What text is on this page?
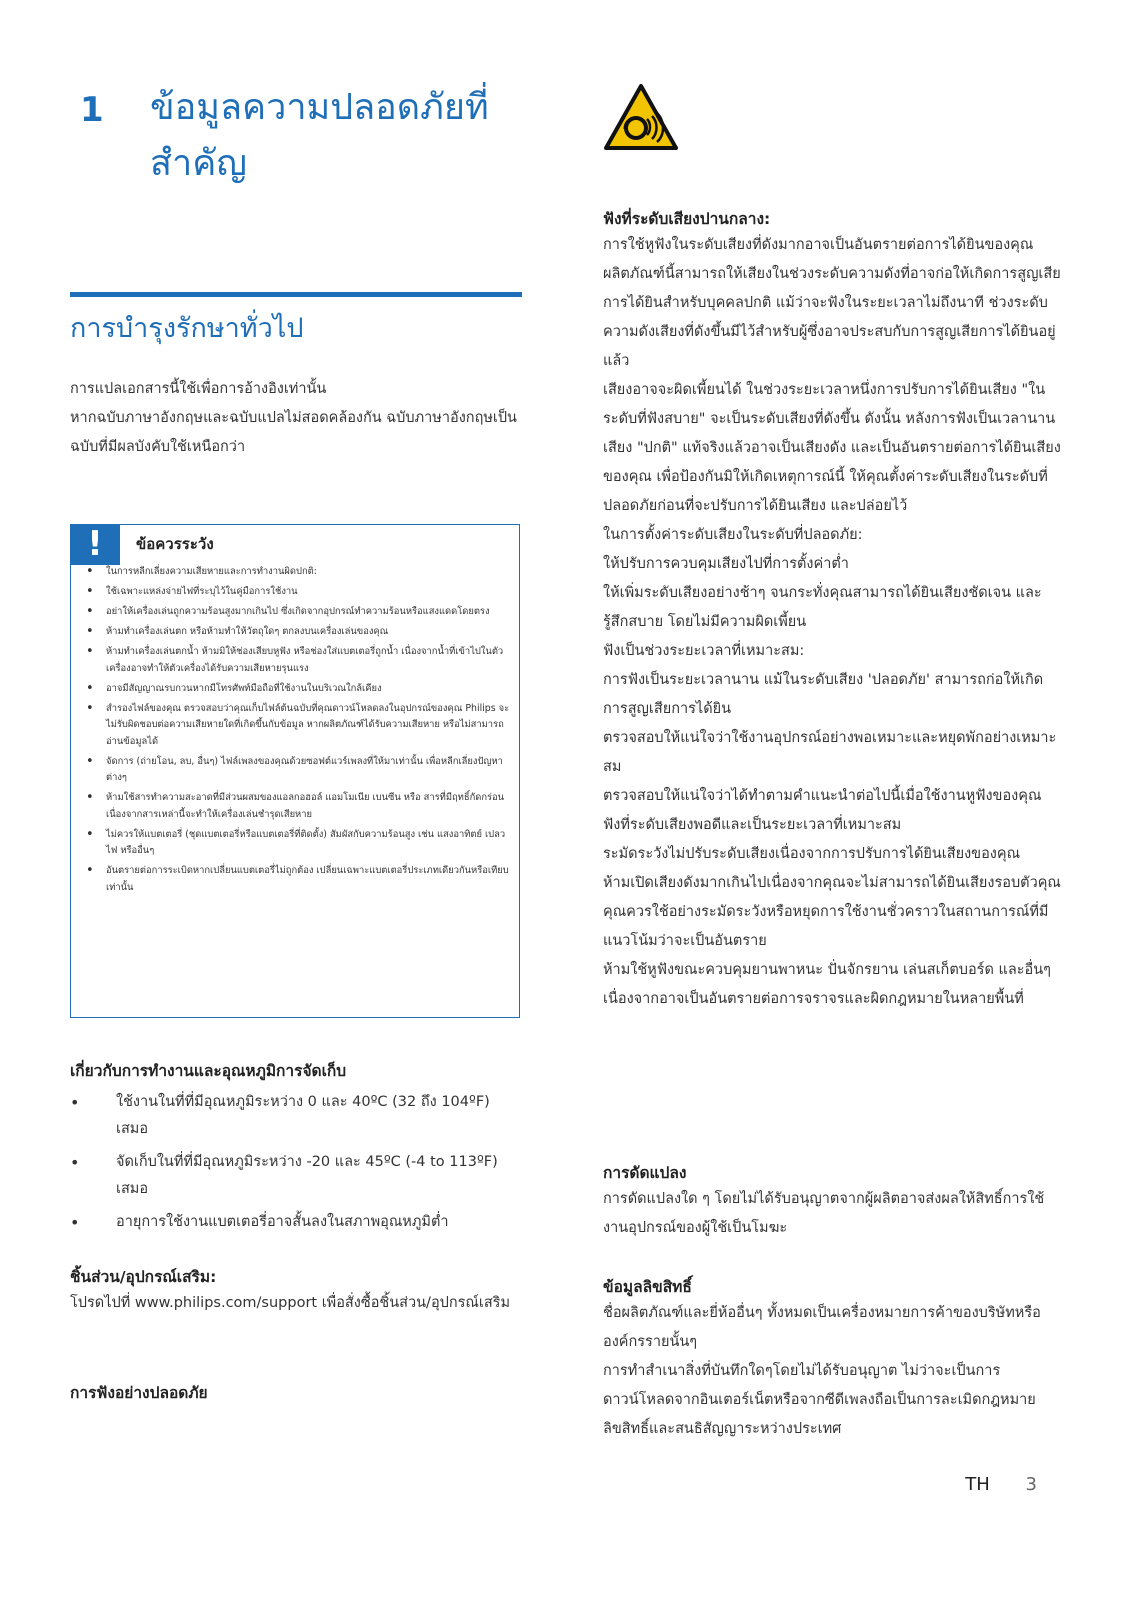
1 ข้อมูลความปลอดภัยที่สำคัญ
การบำรุงรักษาทั่วไป

การแปลเอกสารนี้ใช้เพื่อการอ้างอิงเท่านั้น

หากฉบับภาษาอังกฤษและฉบับแปลไม่สอดคล้องกัน ฉบับภาษาอังกฤษเป็นฉบับที่มีผลบังคับใช้เหนือกว่า

!	ข้อควรระวัง
• ในการหลีกเลี่ยงความเสียหายและการทำงานผิดปกติ:
• ใช้เฉพาะแหล่งจ่ายไฟที่ระบุไว้ในคู่มือการใช้งาน
• อย่าให้เครื่องเล่นถูกความร้อนสูงมากเกินไป ซึ่งเกิดจากอุปกรณ์ทำความร้อนหรือแสงแดดโดยตรง
• ห้ามทำเครื่องเล่นตก หรือห้ามทำให้วัตถุใดๆ ตกลงบนเครื่องเล่นของคุณ
• ห้ามทำเครื่องเล่นตกน้ำ ห้ามมิให้ช่องเสียบหูฟัง หรือช่องใส่แบตเตอรี่ถูกน้ำ เนื่องจากน้ำที่เข้าไปในตัวเครื่องอาจทำให้ตัวเครื่องได้รับความเสียหายรุนแรง
• อาจมีสัญญาณรบกวนหากมีโทรศัพท์มือถือที่ใช้งานในบริเวณใกล้เคียง
• สำรองไฟล์ของคุณ ตรวจสอบว่าคุณเก็บไฟล์ต้นฉบับที่คุณดาวน์โหลดลงในอุปกรณ์ของคุณ Philips จะไม่รับผิดชอบต่อความเสียหายใดที่เกิดขึ้นกับข้อมูล หากผลิตภัณฑ์ได้รับความเสียหาย หรือไม่สามารถอ่านข้อมูลได้
• จัดการ (ถ่ายโอน, ลบ, อื่นๆ) ไฟล์เพลงของคุณด้วยซอฟต์แวร์เพลงที่ให้มาเท่านั้น เพื่อหลีกเลี่ยงปัญหาต่างๆ
• ห้ามใช้สารทำความสะอาดที่มีส่วนผสมของแอลกอฮอล์ แอมโมเนีย เบนซีน หรือ สารที่มีฤทธิ์กัดกร่อน เนื่องจากสารเหล่านี้จะทำให้เครื่องเล่นชำรุดเสียหาย
• ไม่ควรให้แบตเตอรี่ (ชุดแบตเตอรี่หรือแบตเตอรี่ที่ติดตั้ง) สัมผัสกับความร้อนสูง เช่น แสงอาทิตย์ เปลวไฟ หรืออื่นๆ
• อันตรายต่อการระเบิดหากเปลี่ยนแบตเตอรี่ไม่ถูกต้อง เปลี่ยนเฉพาะแบตเตอรี่ประเภทเดียวกันหรือเทียบเท่านั้น

เกี่ยวกับการทำงานและอุณหภูมิการจัดเก็บ

• ใช้งานในที่ที่มีอุณหภูมิระหว่าง 0 และ 40ºC (32 ถึง 104ºF) เสมอ
• จัดเก็บในที่ที่มีอุณหภูมิระหว่าง -20 และ 45ºC (-4 to 113ºF) เสมอ
• อายุการใช้งานแบตเตอรี่อาจสั้นลงในสภาพอุณหภูมิต่ำ

ชิ้นส่วน/อุปกรณ์เสริม:

โปรดไปที่ www.philips.com/support เพื่อสั่งซื้อชิ้นส่วน/อุปกรณ์เสริม

การฟังอย่างปลอดภัย

ฟังที่ระดับเสียงปานกลาง:

การใช้หูฟังในระดับเสียงที่ดังมากอาจเป็นอันตรายต่อการได้ยินของคุณ ผลิตภัณฑ์นี้สามารถให้เสียงในช่วงระดับความดังที่อาจก่อให้เกิดการสูญเสียการได้ยินสำหรับบุคคลปกติ แม้ว่าจะฟังในระยะเวลาไม่ถึงนาที ช่วงระดับความดังเสียงที่ดังขึ้นมีไว้สำหรับผู้ซึ่งอาจประสบกับการสูญเสียการได้ยินอยู่แล้ว

เสียงอาจจะผิดเพี้ยนได้ ในช่วงระยะเวลาหนึ่งการปรับการได้ยินเสียง "ในระดับที่ฟังสบาย" จะเป็นระดับเสียงที่ดังขึ้น ดังนั้น หลังการฟังเป็นเวลานาน เสียง "ปกติ" แท้จริงแล้วอาจเป็นเสียงดัง และเป็นอันตรายต่อการได้ยินเสียงของคุณ เพื่อป้องกันมิให้เกิดเหตุการณ์นี้ ให้คุณตั้งค่าระดับเสียงในระดับที่ปลอดภัยก่อนที่จะปรับการได้ยินเสียง และปล่อยไว้

ในการตั้งค่าระดับเสียงในระดับที่ปลอดภัย:

ให้ปรับการควบคุมเสียงไปที่การตั้งค่าต่ำ

ให้เพิ่มระดับเสียงอย่างช้าๆ จนกระทั่งคุณสามารถได้ยินเสียงชัดเจน และรู้สึกสบาย โดยไม่มีความผิดเพี้ยน

ฟังเป็นช่วงระยะเวลาที่เหมาะสม:

การฟังเป็นระยะเวลานาน แม้ในระดับเสียง 'ปลอดภัย' สามารถก่อให้เกิดการสูญเสียการได้ยิน

ตรวจสอบให้แน่ใจว่าใช้งานอุปกรณ์อย่างพอเหมาะและหยุดพักอย่างเหมาะสม

ตรวจสอบให้แน่ใจว่าได้ทำตามคำแนะนำต่อไปนี้เมื่อใช้งานหูฟังของคุณ

ฟังที่ระดับเสียงพอดีและเป็นระยะเวลาที่เหมาะสม

ระมัดระวังไม่ปรับระดับเสียงเนื่องจากการปรับการได้ยินเสียงของคุณ

ห้ามเปิดเสียงดังมากเกินไปเนื่องจากคุณจะไม่สามารถได้ยินเสียงรอบตัวคุณ

คุณควรใช้อย่างระมัดระวังหรือหยุดการใช้งานชั่วคราวในสถานการณ์ที่มีแนวโน้มว่าจะเป็นอันตราย

ห้ามใช้หูฟังขณะควบคุมยานพาหนะ ปั่นจักรยาน เล่นสเก็ตบอร์ด และอื่นๆ เนื่องจากอาจเป็นอันตรายต่อการจราจรและผิดกฎหมายในหลายพื้นที่

การดัดแปลง

การดัดแปลงใด ๆ โดยไม่ได้รับอนุญาตจากผู้ผลิตอาจส่งผลให้สิทธิ์การใช้งานอุปกรณ์ของผู้ใช้เป็นโมฆะ

ข้อมูลลิขสิทธิ์

ชื่อผลิตภัณฑ์และยี่ห้ออื่นๆ ทั้งหมดเป็นเครื่องหมายการค้าของบริษัทหรือองค์กรรายนั้นๆ

การทำสำเนาสิ่งที่บันทึกใดๆโดยไม่ได้รับอนุญาต ไม่ว่าจะเป็นการดาวน์โหลดจากอินเตอร์เน็ตหรือจากซีดีเพลงถือเป็นการละเมิดกฎหมายลิขสิทธิ์และสนธิสัญญาระหว่างประเทศ

TH 3
